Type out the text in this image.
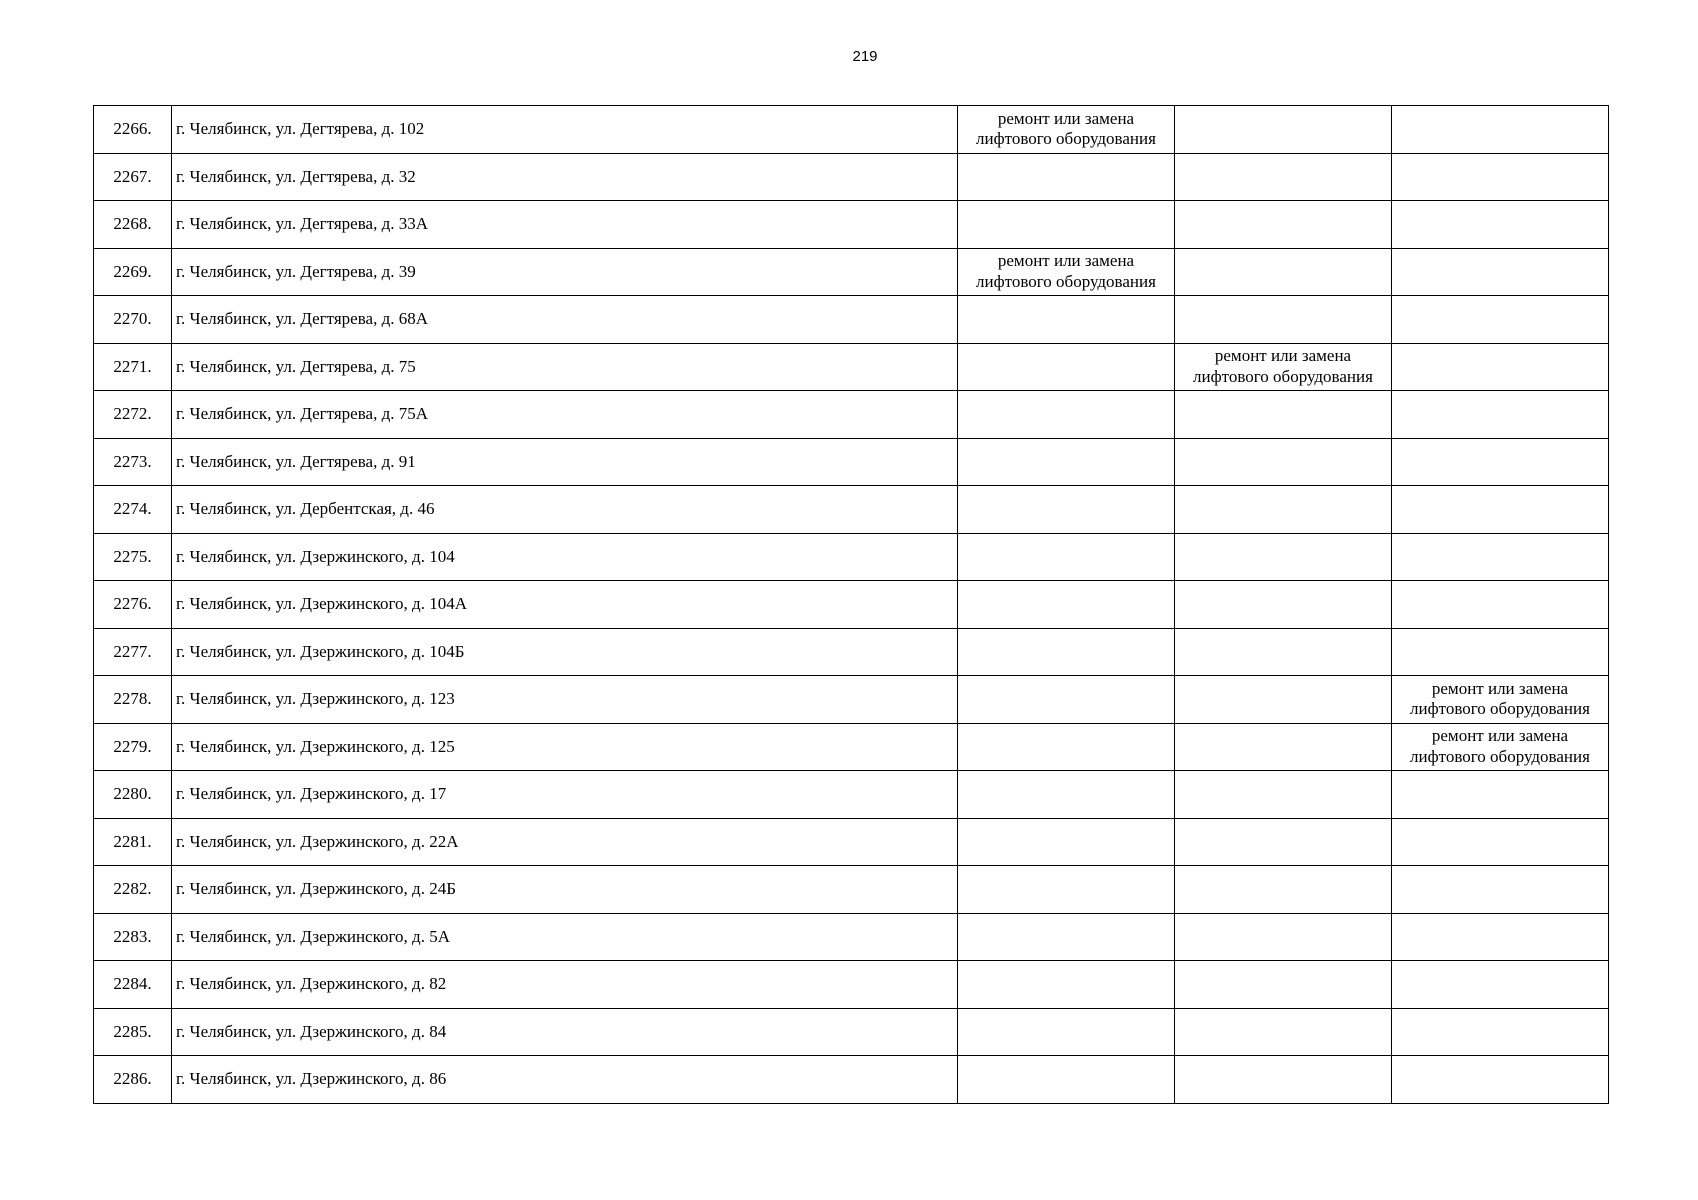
219
2266.	г. Челябинск, ул. Дегтярева, д. 102	ремонт или замена лифтового оборудования		
2267.	г. Челябинск, ул. Дегтярева, д. 32			
2268.	г. Челябинск, ул. Дегтярева, д. 33А			
2269.	г. Челябинск, ул. Дегтярева, д. 39	ремонт или замена лифтового оборудования		
2270.	г. Челябинск, ул. Дегтярева, д. 68А			
2271.	г. Челябинск, ул. Дегтярева, д. 75		ремонт или замена лифтового оборудования	
2272.	г. Челябинск, ул. Дегтярева, д. 75А			
2273.	г. Челябинск, ул. Дегтярева, д. 91			
2274.	г. Челябинск, ул. Дербентская, д. 46			
2275.	г. Челябинск, ул. Дзержинского, д. 104			
2276.	г. Челябинск, ул. Дзержинского, д. 104А			
2277.	г. Челябинск, ул. Дзержинского, д. 104Б			
2278.	г. Челябинск, ул. Дзержинского, д. 123			ремонт или замена лифтового оборудования
2279.	г. Челябинск, ул. Дзержинского, д. 125			ремонт или замена лифтового оборудования
2280.	г. Челябинск, ул. Дзержинского, д. 17			
2281.	г. Челябинск, ул. Дзержинского, д. 22А			
2282.	г. Челябинск, ул. Дзержинского, д. 24Б			
2283.	г. Челябинск, ул. Дзержинского, д. 5А			
2284.	г. Челябинск, ул. Дзержинского, д. 82			
2285.	г. Челябинск, ул. Дзержинского, д. 84			
2286.	г. Челябинск, ул. Дзержинского, д. 86			
